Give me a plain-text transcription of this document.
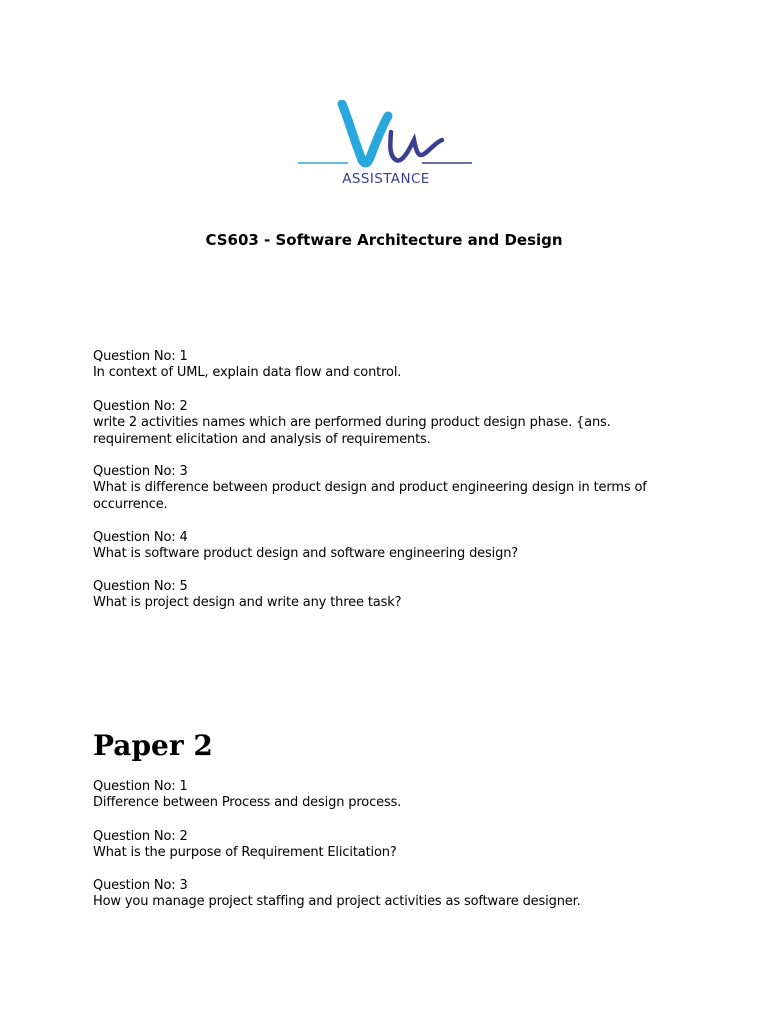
Vu
ASSISTANCE
CS603 - Software Architecture and Design
Question No: 1
In context of UML, explain data flow and control.
Question No: 2
write 2 activities names which are performed during product design phase. {ans.
requirement elicitation and analysis of requirements.
Question No: 3
What is difference between product design and product engineering design in terms of
occurrence.
Question No: 4
What is software product design and software engineering design?
Question No: 5
What is project design and write any three task?
Paper 2
Question No: 1
Difference between Process and design process.
Question No: 2
What is the purpose of Requirement Elicitation?
Question No: 3
How you manage project staffing and project activities as software designer.
